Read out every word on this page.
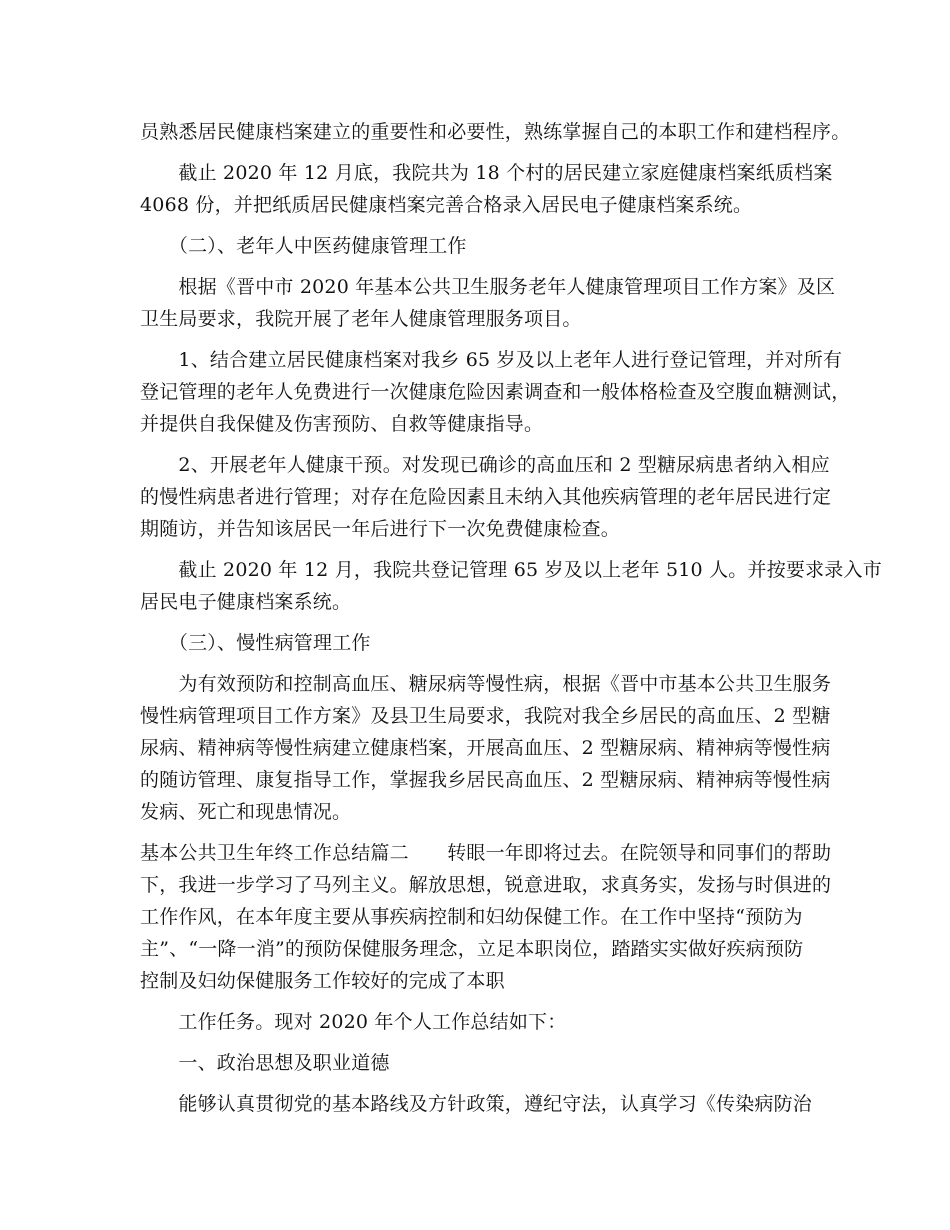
员熟悉居民健康档案建立的重要性和必要性，熟练掌握自己的本职工作和建档程序。

　　截止 2020 年 12 月底，我院共为 18 个村的居民建立家庭健康档案纸质档案
4068 份，并把纸质居民健康档案完善合格录入居民电子健康档案系统。

　　（二）、老年人中医药健康管理工作

　　根据《晋中市 2020 年基本公共卫生服务老年人健康管理项目工作方案》及区
卫生局要求，我院开展了老年人健康管理服务项目。

　　1、结合建立居民健康档案对我乡 65 岁及以上老年人进行登记管理，并对所有
登记管理的老年人免费进行一次健康危险因素调查和一般体格检查及空腹血糖测试，
并提供自我保健及伤害预防、自救等健康指导。

　　2、开展老年人健康干预。对发现已确诊的高血压和 2 型糖尿病患者纳入相应
的慢性病患者进行管理；对存在危险因素且未纳入其他疾病管理的老年居民进行定
期随访，并告知该居民一年后进行下一次免费健康检查。

　　截止 2020 年 12 月，我院共登记管理 65 岁及以上老年 510 人。并按要求录入市
居民电子健康档案系统。

　　（三）、慢性病管理工作

　　为有效预防和控制高血压、糖尿病等慢性病，根据《晋中市基本公共卫生服务
慢性病管理项目工作方案》及县卫生局要求，我院对我全乡居民的高血压、2 型糖
尿病、精神病等慢性病建立健康档案，开展高血压、2 型糖尿病、精神病等慢性病
的随访管理、康复指导工作，掌握我乡居民高血压、2 型糖尿病、精神病等慢性病
发病、死亡和现患情况。

基本公共卫生年终工作总结篇二　　转眼一年即将过去。在院领导和同事们的帮助
下，我进一步学习了马列主义。解放思想，锐意进取，求真务实，发扬与时俱进的
工作作风，在本年度主要从事疾病控制和妇幼保健工作。在工作中坚持“预防为
主”、“一降一消”的预防保健服务理念，立足本职岗位，踏踏实实做好疾病预防
控制及妇幼保健服务工作较好的完成了本职

　　工作任务。现对 2020 年个人工作总结如下：

　　一、政治思想及职业道德

　　能够认真贯彻党的基本路线及方针政策，遵纪守法，认真学习《传染病防治
